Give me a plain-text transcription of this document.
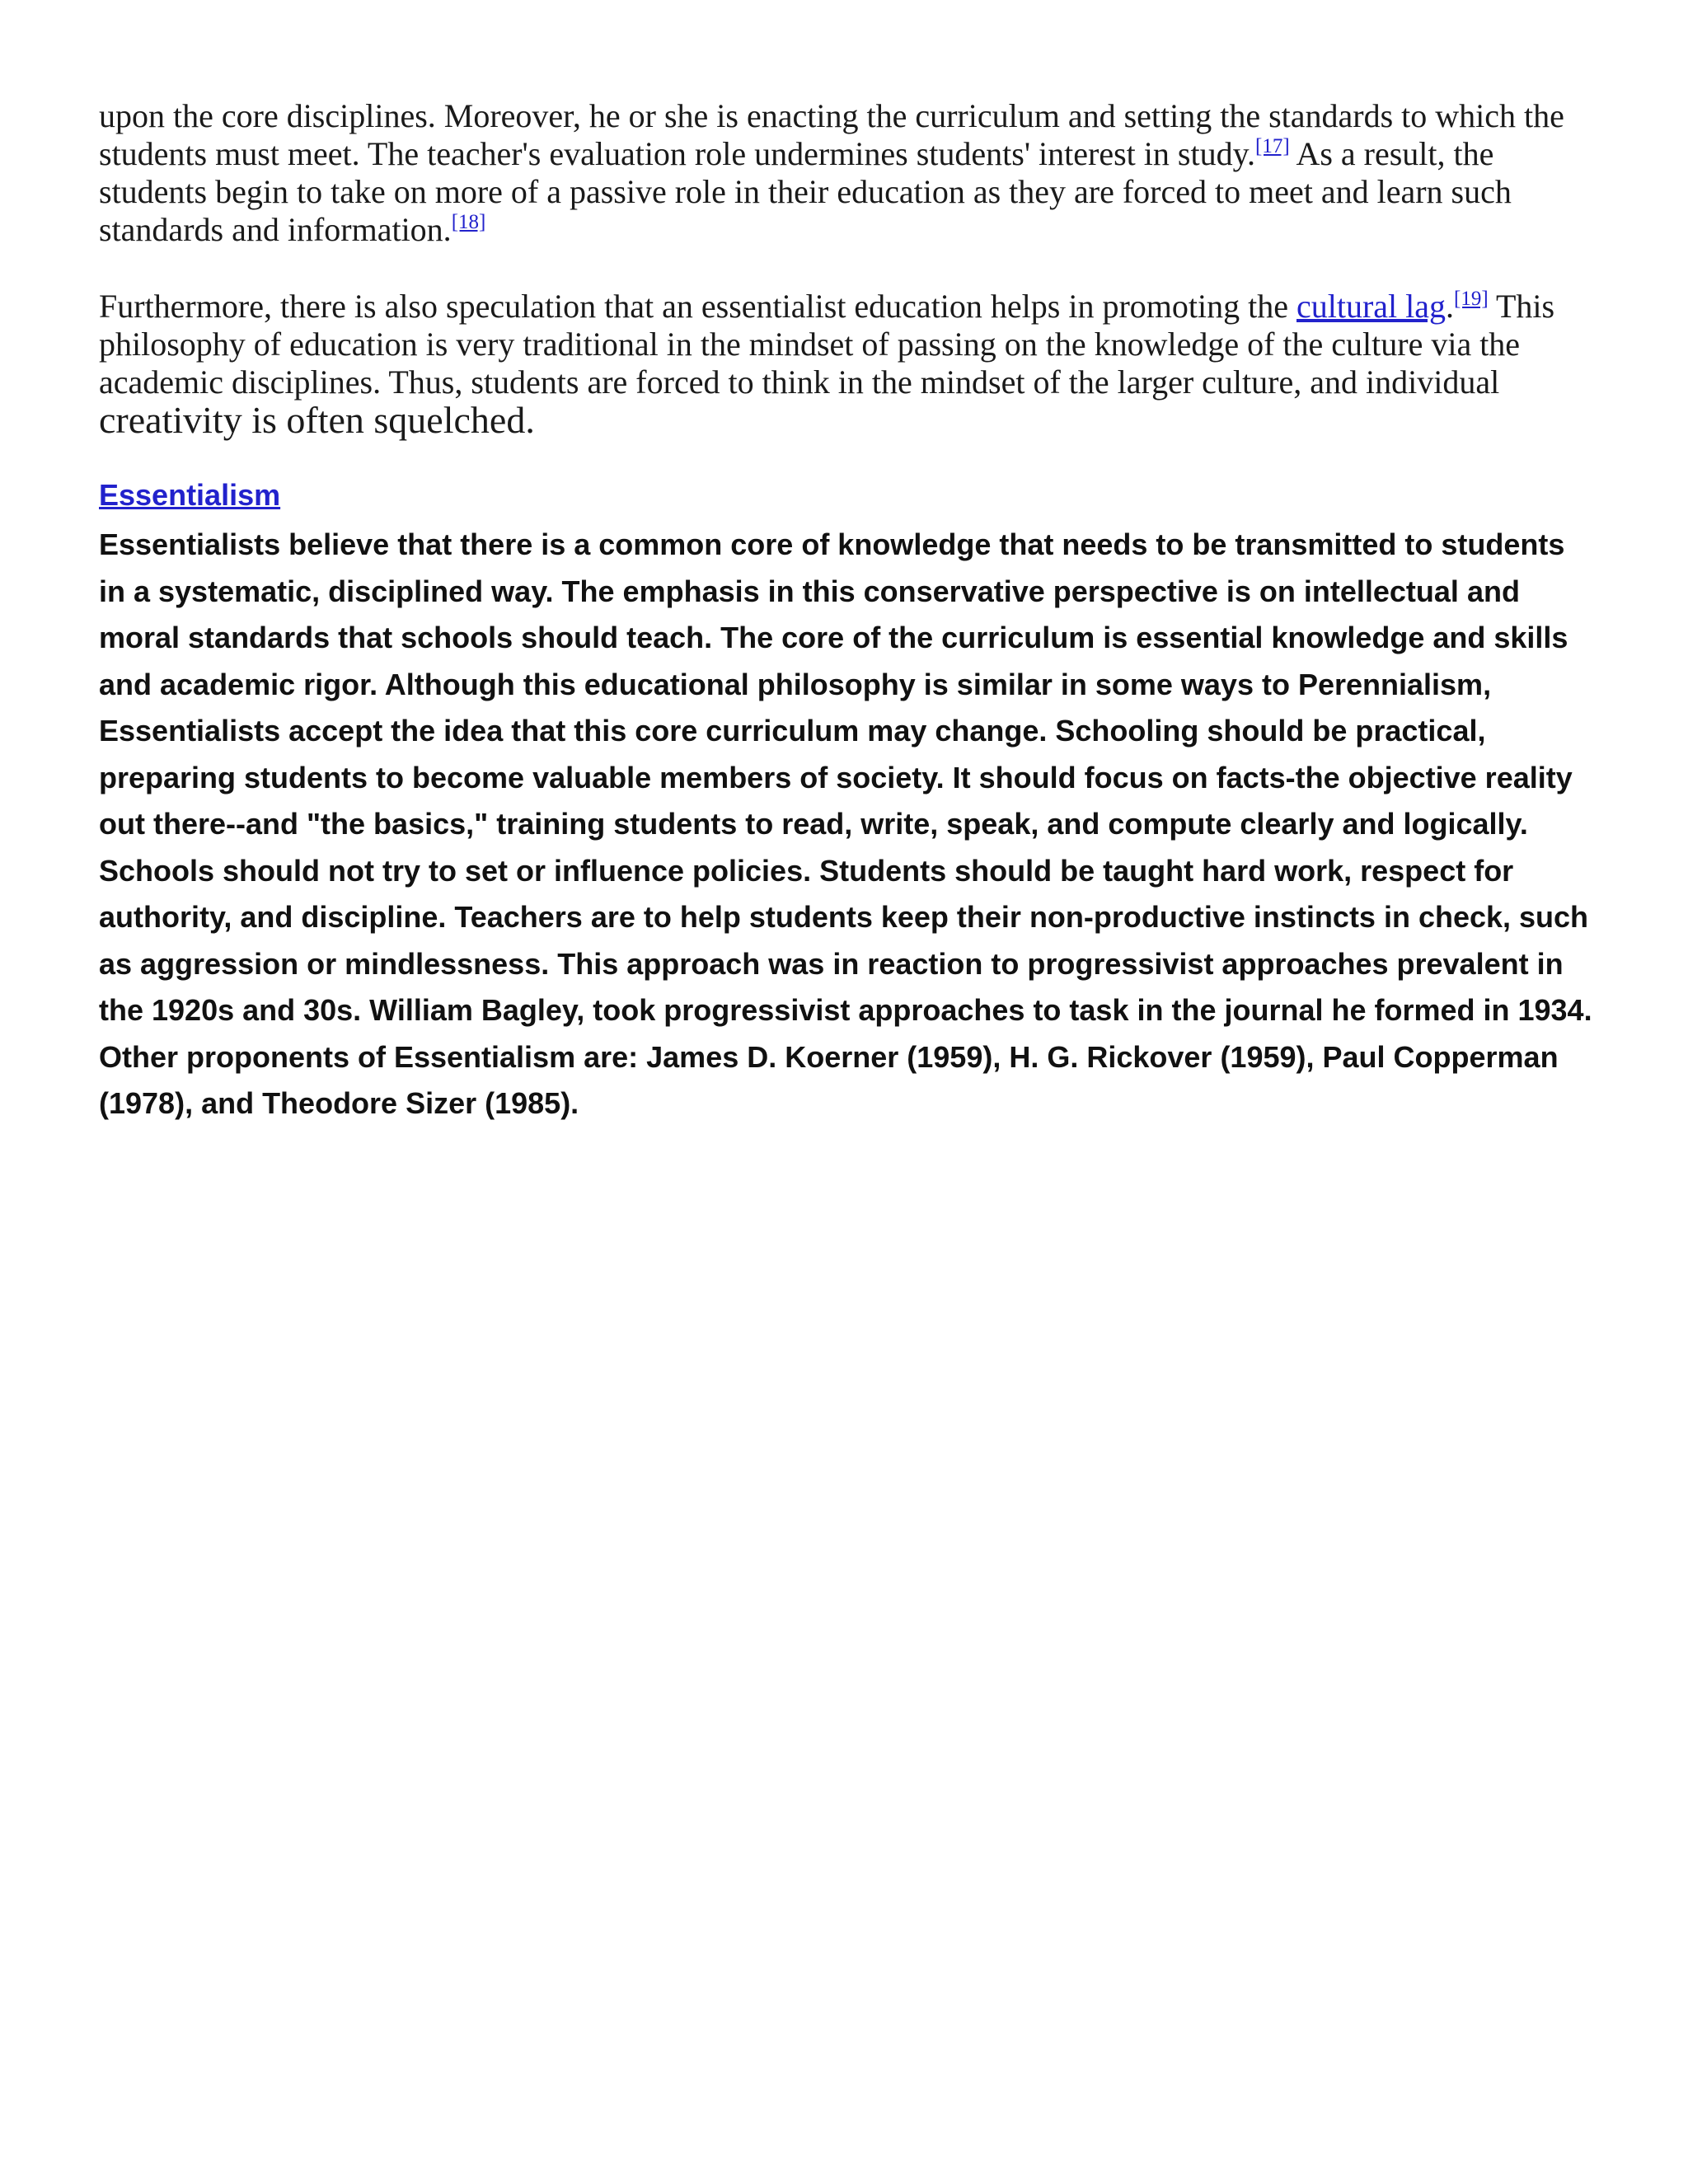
upon the core disciplines. Moreover, he or she is enacting the curriculum and setting the standards to which the students must meet. The teacher's evaluation role undermines students' interest in study.[17] As a result, the students begin to take on more of a passive role in their education as they are forced to meet and learn such standards and information.[18]

Furthermore, there is also speculation that an essentialist education helps in promoting the cultural lag.[19] This philosophy of education is very traditional in the mindset of passing on the knowledge of the culture via the academic disciplines. Thus, students are forced to think in the mindset of the larger culture, and individual creativity is often squelched.

Essentialism

Essentialists believe that there is a common core of knowledge that needs to be transmitted to students in a systematic, disciplined way. The emphasis in this conservative perspective is on intellectual and moral standards that schools should teach. The core of the curriculum is essential knowledge and skills and academic rigor. Although this educational philosophy is similar in some ways to Perennialism, Essentialists accept the idea that this core curriculum may change. Schooling should be practical, preparing students to become valuable members of society. It should focus on facts-the objective reality out there--and "the basics," training students to read, write, speak, and compute clearly and logically. Schools should not try to set or influence policies. Students should be taught hard work, respect for authority, and discipline. Teachers are to help students keep their non-productive instincts in check, such as aggression or mindlessness. This approach was in reaction to progressivist approaches prevalent in the 1920s and 30s. William Bagley, took progressivist approaches to task in the journal he formed in 1934. Other proponents of Essentialism are: James D. Koerner (1959), H. G. Rickover (1959), Paul Copperman (1978), and Theodore Sizer (1985).
